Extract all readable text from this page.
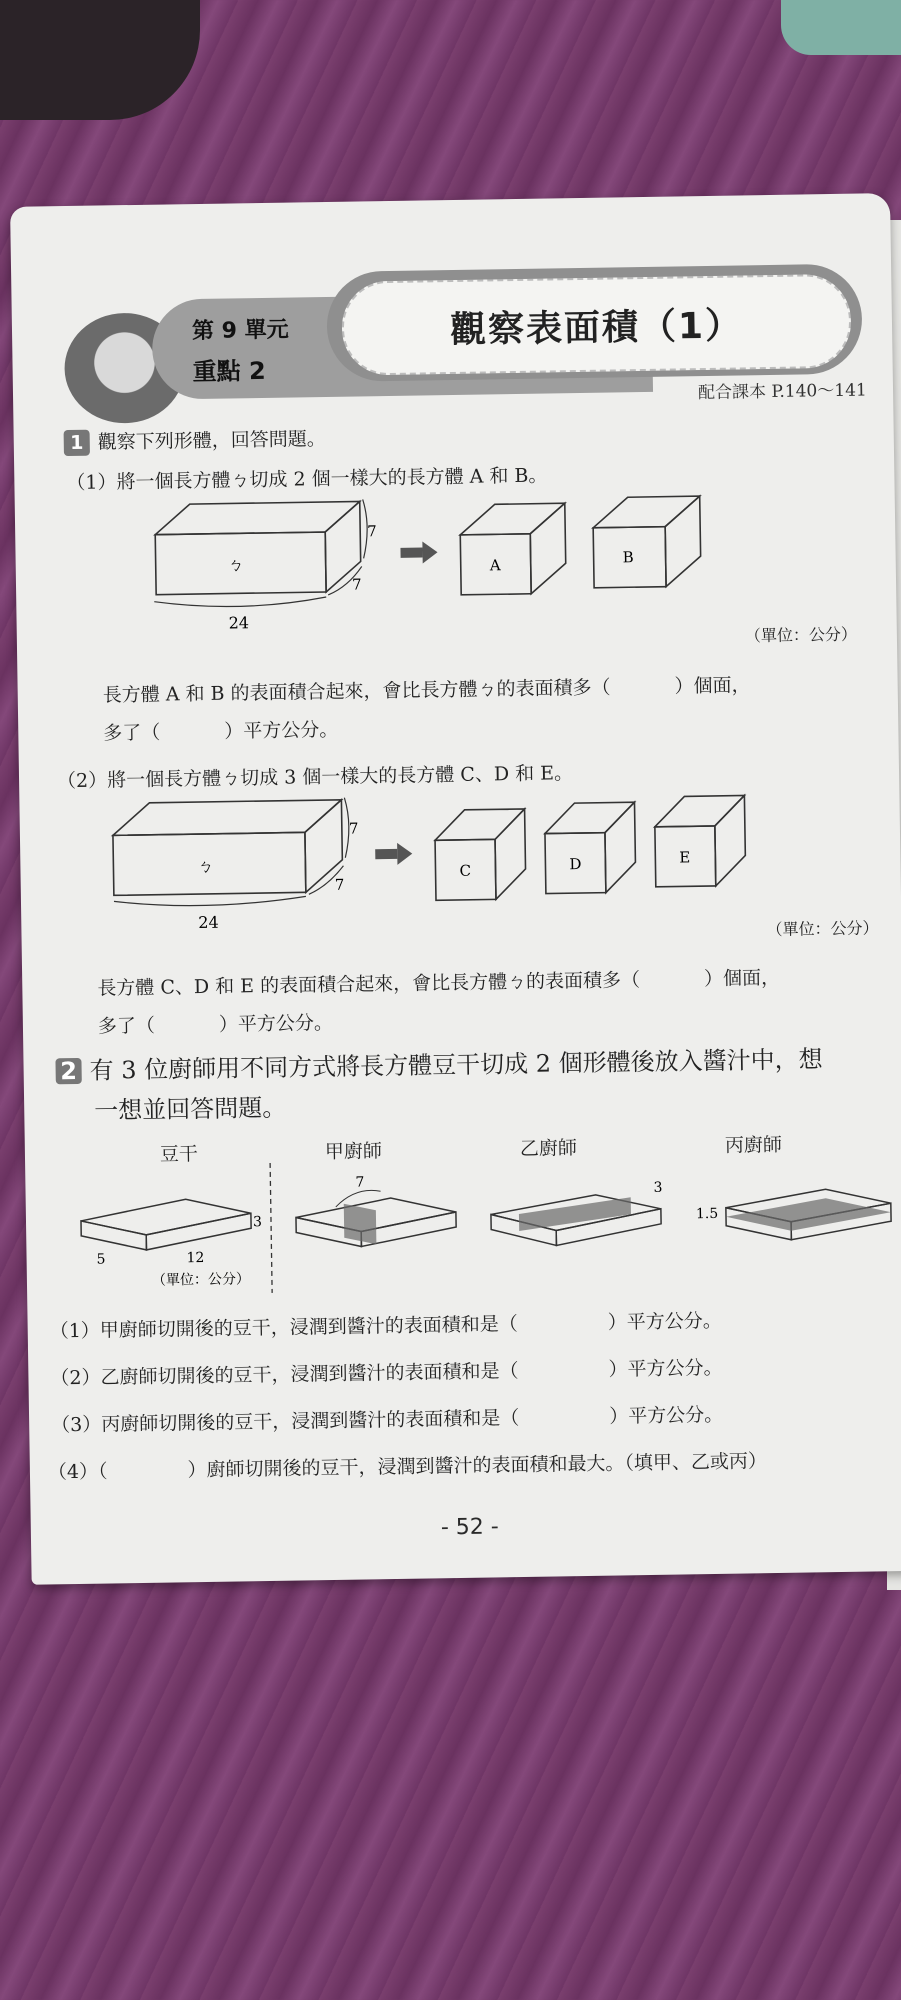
觀察表面積（1）
第 9 單元
重點 2
配合課本 P.140～141
1 觀察下列形體，回答問題。
（1）將一個長方體ㄅ切成 2 個一樣大的長方體 A 和 B。
ㄅ
24
7
7
A	B
（單位：公分）
長方體 A 和 B 的表面積合起來，會比長方體ㄅ的表面積多（	）個面，
多了（	）平方公分。
（2）將一個長方體ㄅ切成 3 個一樣大的長方體 C、D 和 E。
ㄅ
24
7
7
C	D	E
（單位：公分）
長方體 C、D 和 E 的表面積合起來，會比長方體ㄅ的表面積多（	）個面，
多了（	）平方公分。
2 有 3 位廚師用不同方式將長方體豆干切成 2 個形體後放入醬汁中，想
一想並回答問題。
豆干	甲廚師	乙廚師	丙廚師
3
5	12
（單位：公分）
7	3
1.5
（1）甲廚師切開後的豆干，浸潤到醬汁的表面積和是（	）平方公分。
（2）乙廚師切開後的豆干，浸潤到醬汁的表面積和是（	）平方公分。
（3）丙廚師切開後的豆干，浸潤到醬汁的表面積和是（	）平方公分。
（4）（	）廚師切開後的豆干，浸潤到醬汁的表面積和最大。（填甲、乙或丙）
- 52 -
